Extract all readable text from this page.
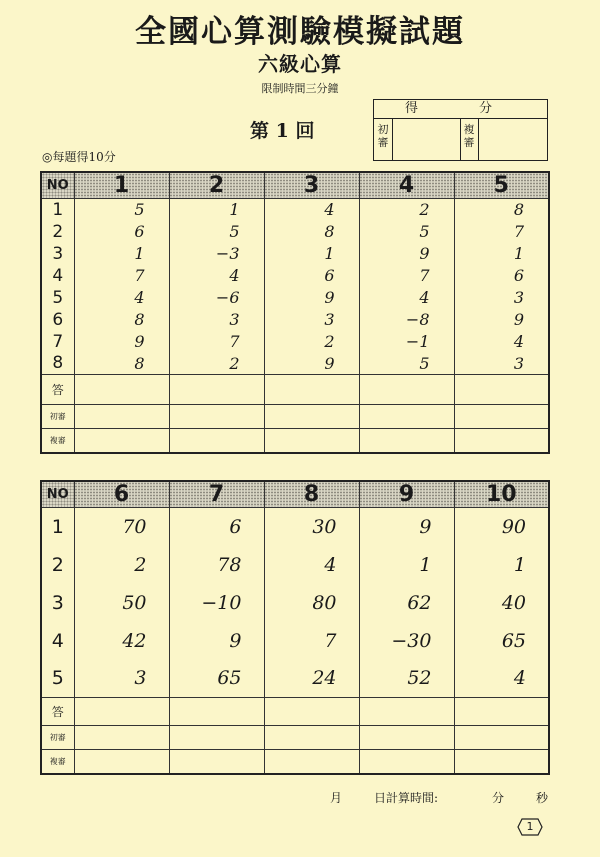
全國心算測驗模擬試題
六級心算
限制時間三分鐘
第 1 回
◎每題得10分
得　分
初審
複審
NO	1	2	3	4	5
1	5	1	4	2	8
2	6	5	8	5	7
3	1	−3	1	9	1
4	7	4	6	7	6
5	4	−6	9	4	3
6	8	3	3	−8	9
7	9	7	2	−1	4
8	8	2	9	5	3
答					
初審					
複審					
NO	6	7	8	9	10
1	70	6	30	9	90
2	2	78	4	1	1
3	50	−10	80	62	40
4	42	9	7	−30	65
5	3	65	24	52	4
答					
初審					
複審					
月	日計算時間:	分	秒
1
